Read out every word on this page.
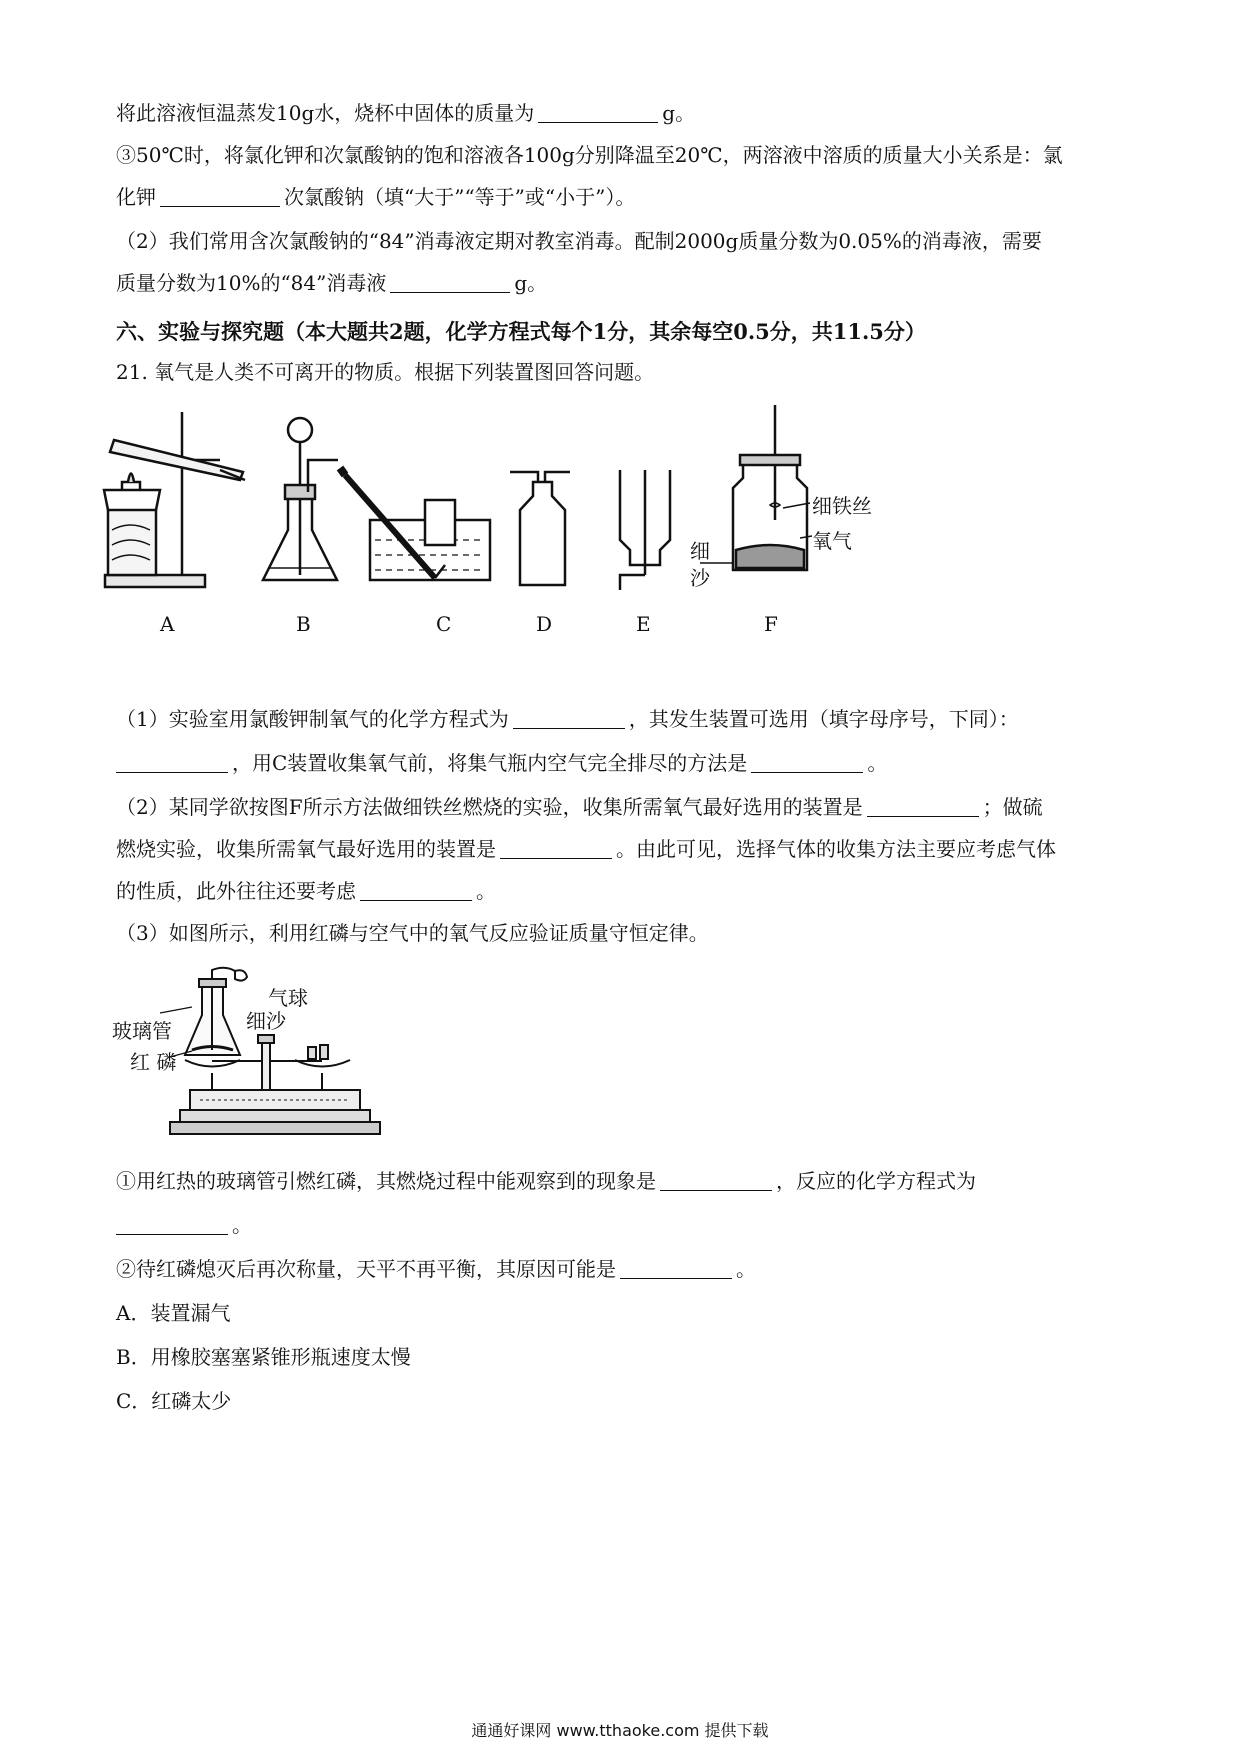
将此溶液恒温蒸发10g水，烧杯中固体的质量为	g。
③50℃时，将氯化钾和次氯酸钠的饱和溶液各100g分别降温至20℃，两溶液中溶质的质量大小关系是：氯
化钾	次氯酸钠（填“大于”“等于”或“小于”）。
（2）我们常用含次氯酸钠的“84”消毒液定期对教室消毒。配制2000g质量分数为0.05%的消毒液，需要
质量分数为10%的“84”消毒液	g。
六、实验与探究题（本大题共2题，化学方程式每个1分，其余每空0.5分，共11.5分）
21. 氧气是人类不可离开的物质。根据下列装置图回答问题。
细铁丝
氧气
细
沙
A	B	C	D	E	F
（1）实验室用氯酸钾制氧气的化学方程式为	，其发生装置可选用（填字母序号，下同）：
，用C装置收集氧气前，将集气瓶内空气完全排尽的方法是	。
（2）某同学欲按图F所示方法做细铁丝燃烧的实验，收集所需氧气最好选用的装置是	；做硫
燃烧实验，收集所需氧气最好选用的装置是	。由此可见，选择气体的收集方法主要应考虑气体
的性质，此外往往还要考虑	。
（3）如图所示，利用红磷与空气中的氧气反应验证质量守恒定律。
气球
细沙
玻璃管
红 磷
①用红热的玻璃管引燃红磷，其燃烧过程中能观察到的现象是	，反应的化学方程式为
。
②待红磷熄灭后再次称量，天平不再平衡，其原因可能是	。
A．装置漏气
B．用橡胶塞塞紧锥形瓶速度太慢
C．红磷太少
通通好课网 www.tthaoke.com 提供下载
